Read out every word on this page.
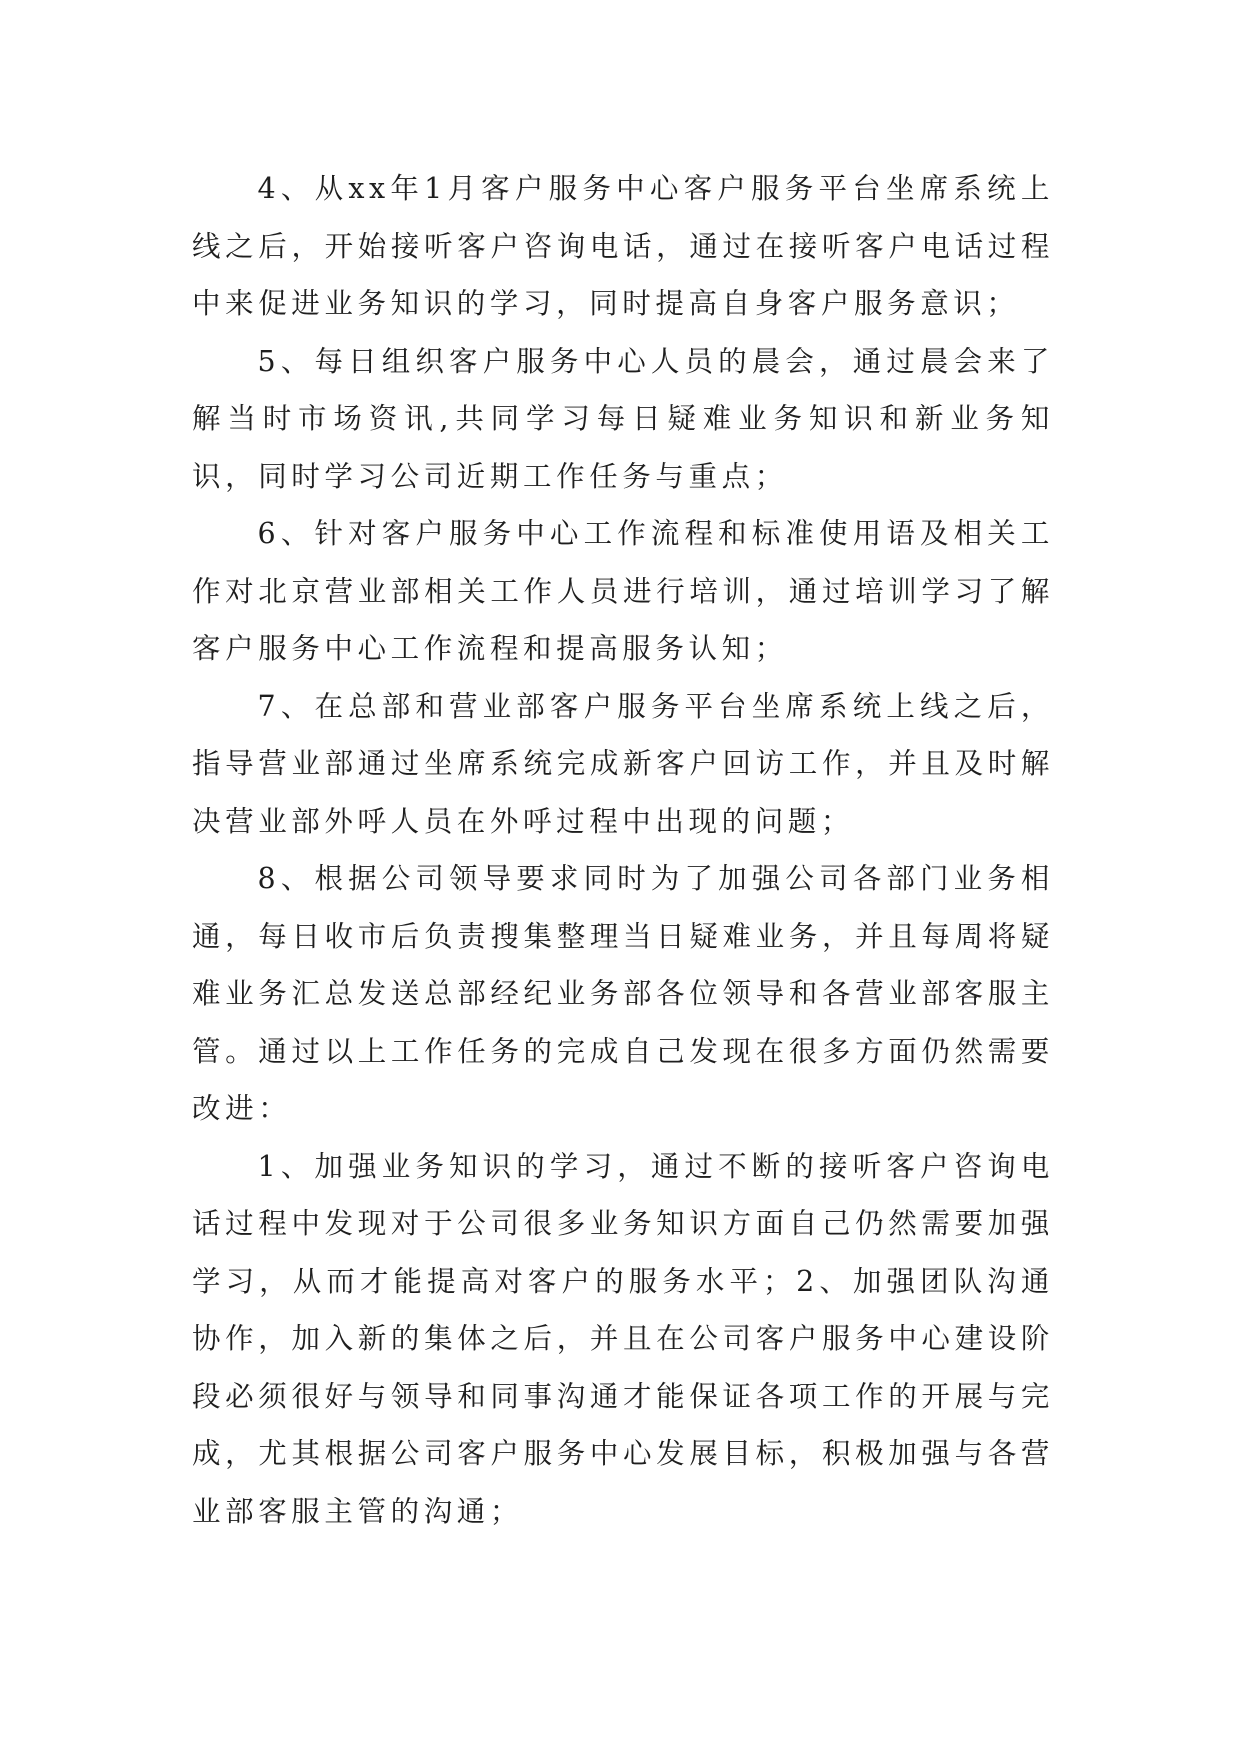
4、从xx年1月客户服务中心客户服务平台坐席系统上线之后，开始接听客户咨询电话，通过在接听客户电话过程中来促进业务知识的学习，同时提高自身客户服务意识；

5、每日组织客户服务中心人员的晨会，通过晨会来了解当时市场资讯,共同学习每日疑难业务知识和新业务知识，同时学习公司近期工作任务与重点；

6、针对客户服务中心工作流程和标准使用语及相关工作对北京营业部相关工作人员进行培训，通过培训学习了解客户服务中心工作流程和提高服务认知；

7、在总部和营业部客户服务平台坐席系统上线之后，指导营业部通过坐席系统完成新客户回访工作，并且及时解决营业部外呼人员在外呼过程中出现的问题；

8、根据公司领导要求同时为了加强公司各部门业务相通，每日收市后负责搜集整理当日疑难业务，并且每周将疑难业务汇总发送总部经纪业务部各位领导和各营业部客服主管。通过以上工作任务的完成自己发现在很多方面仍然需要改进：

1、加强业务知识的学习，通过不断的接听客户咨询电话过程中发现对于公司很多业务知识方面自己仍然需要加强学习，从而才能提高对客户的服务水平；2、加强团队沟通协作，加入新的集体之后，并且在公司客户服务中心建设阶段必须很好与领导和同事沟通才能保证各项工作的开展与完成，尤其根据公司客户服务中心发展目标，积极加强与各营业部客服主管的沟通；
